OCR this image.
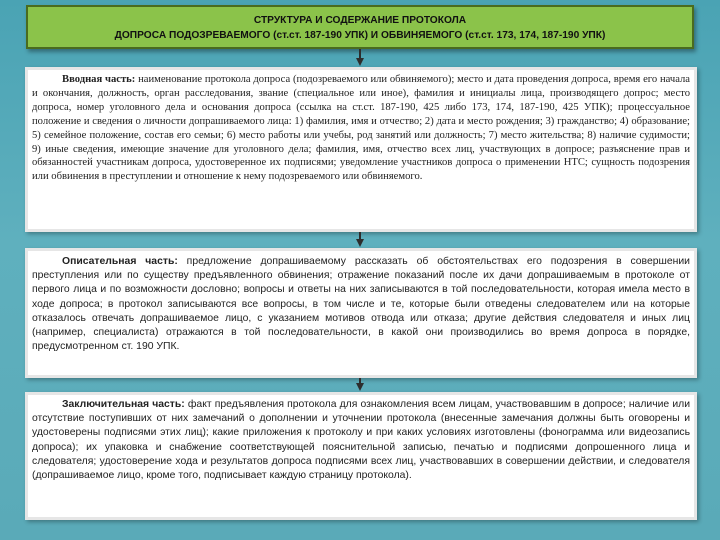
СТРУКТУРА И СОДЕРЖАНИЕ ПРОТОКОЛА
ДОПРОСА ПОДОЗРЕВАЕМОГО (ст.ст. 187-190 УПК) И ОБВИНЯЕМОГО (ст.ст. 173, 174, 187-190 УПК)
Вводная часть: наименование протокола допроса (подозреваемого или обвиняемого); место и дата проведения допроса, время его начала и окончания, должность, орган расследования, звание (специальное или иное), фамилия и инициалы лица, производящего допрос; место допроса, номер уголовного дела и основания допроса (ссылка на ст.ст. 187-190, 425 либо 173, 174, 187-190, 425 УПК); процессуальное положение и сведения о личности допрашиваемого лица: 1) фамилия, имя и отчество; 2) дата и место рождения; 3) гражданство; 4) образование; 5) семейное положение, состав его семьи; 6) место работы или учебы, род занятий или должность; 7) место жительства; 8) наличие судимости; 9) иные сведения, имеющие значение для уголовного дела; фамилия, имя, отчество всех лиц, участвующих в допросе; разъяснение прав и обязанностей участникам допроса, удостоверенное их подписями; уведомление участников допроса о применении НТС; сущность подозрения или обвинения в преступлении и отношение к нему подозреваемого или обвиняемого.
Описательная часть: предложение допрашиваемому рассказать об обстоятельствах его подозрения в совершении преступления или по существу предъявленного обвинения; отражение показаний после их дачи допрашиваемым в протоколе от первого лица и по возможности дословно; вопросы и ответы на них записываются в той последовательности, которая имела место в ходе допроса; в протокол записываются все вопросы, в том числе и те, которые были отведены следователем или на которые отказалось отвечать допрашиваемое лицо, с указанием мотивов отвода или отказа; другие действия следователя и иных лиц (например, специалиста) отражаются в той последовательности, в какой они производились во время допроса в порядке, предусмотренном ст. 190 УПК.
Заключительная часть: факт предъявления протокола для ознакомления всем лицам, участвовавшим в допросе; наличие или отсутствие поступивших от них замечаний о дополнении и уточнении протокола (внесенные замечания должны быть оговорены и удостоверены подписями этих лиц); какие приложения к протоколу и при каких условиях изготовлены (фонограмма или видеозапись допроса); их упаковка и снабжение соответствующей пояснительной записью, печатью и подписями допрошенного лица и следователя; удостоверение хода и результатов допроса подписями всех лиц, участвовавших в совершении действии, и следователя (допрашиваемое лицо, кроме того, подписывает каждую страницу протокола).
